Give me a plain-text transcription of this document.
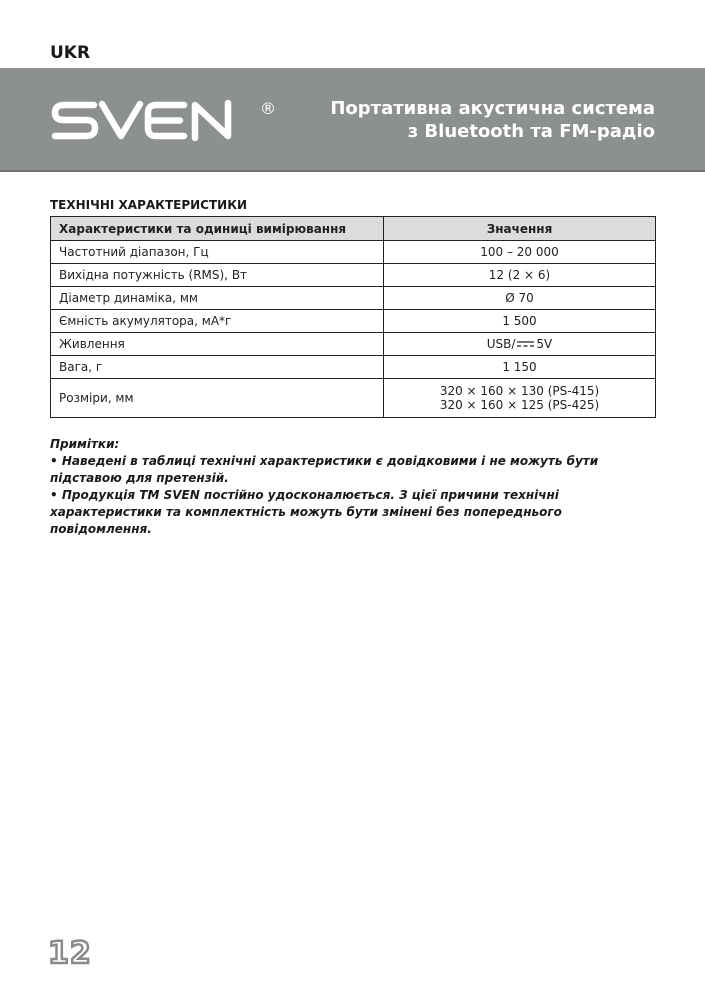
UKR
®	Портативна акустична система
з Bluetooth та FM-радіо
ТЕХНІЧНІ ХАРАКТЕРИСТИКИ
Характеристики та одиниці вимірювання	Значення
Частотний діапазон, Гц	100 – 20 000
Вихідна потужність (RMS), Вт	12 (2 × 6)
Діаметр динаміка, мм	Ø 70
Ємність акумулятора, мА*г	1 500
Живлення	USB/ 5V
Вага, г	1 150
Розміри, мм	320 × 160 × 130 (PS-415)
320 × 160 × 125 (PS-425)

Примітки:

• Наведені в таблиці технічні характеристики є довідковими і не можуть бути підставою для претензій.

• Продукція ТМ SVEN постійно удосконалюється. З цієї причини технічні характеристики та комплектність можуть бути змінені без попереднього повідомлення.

12
